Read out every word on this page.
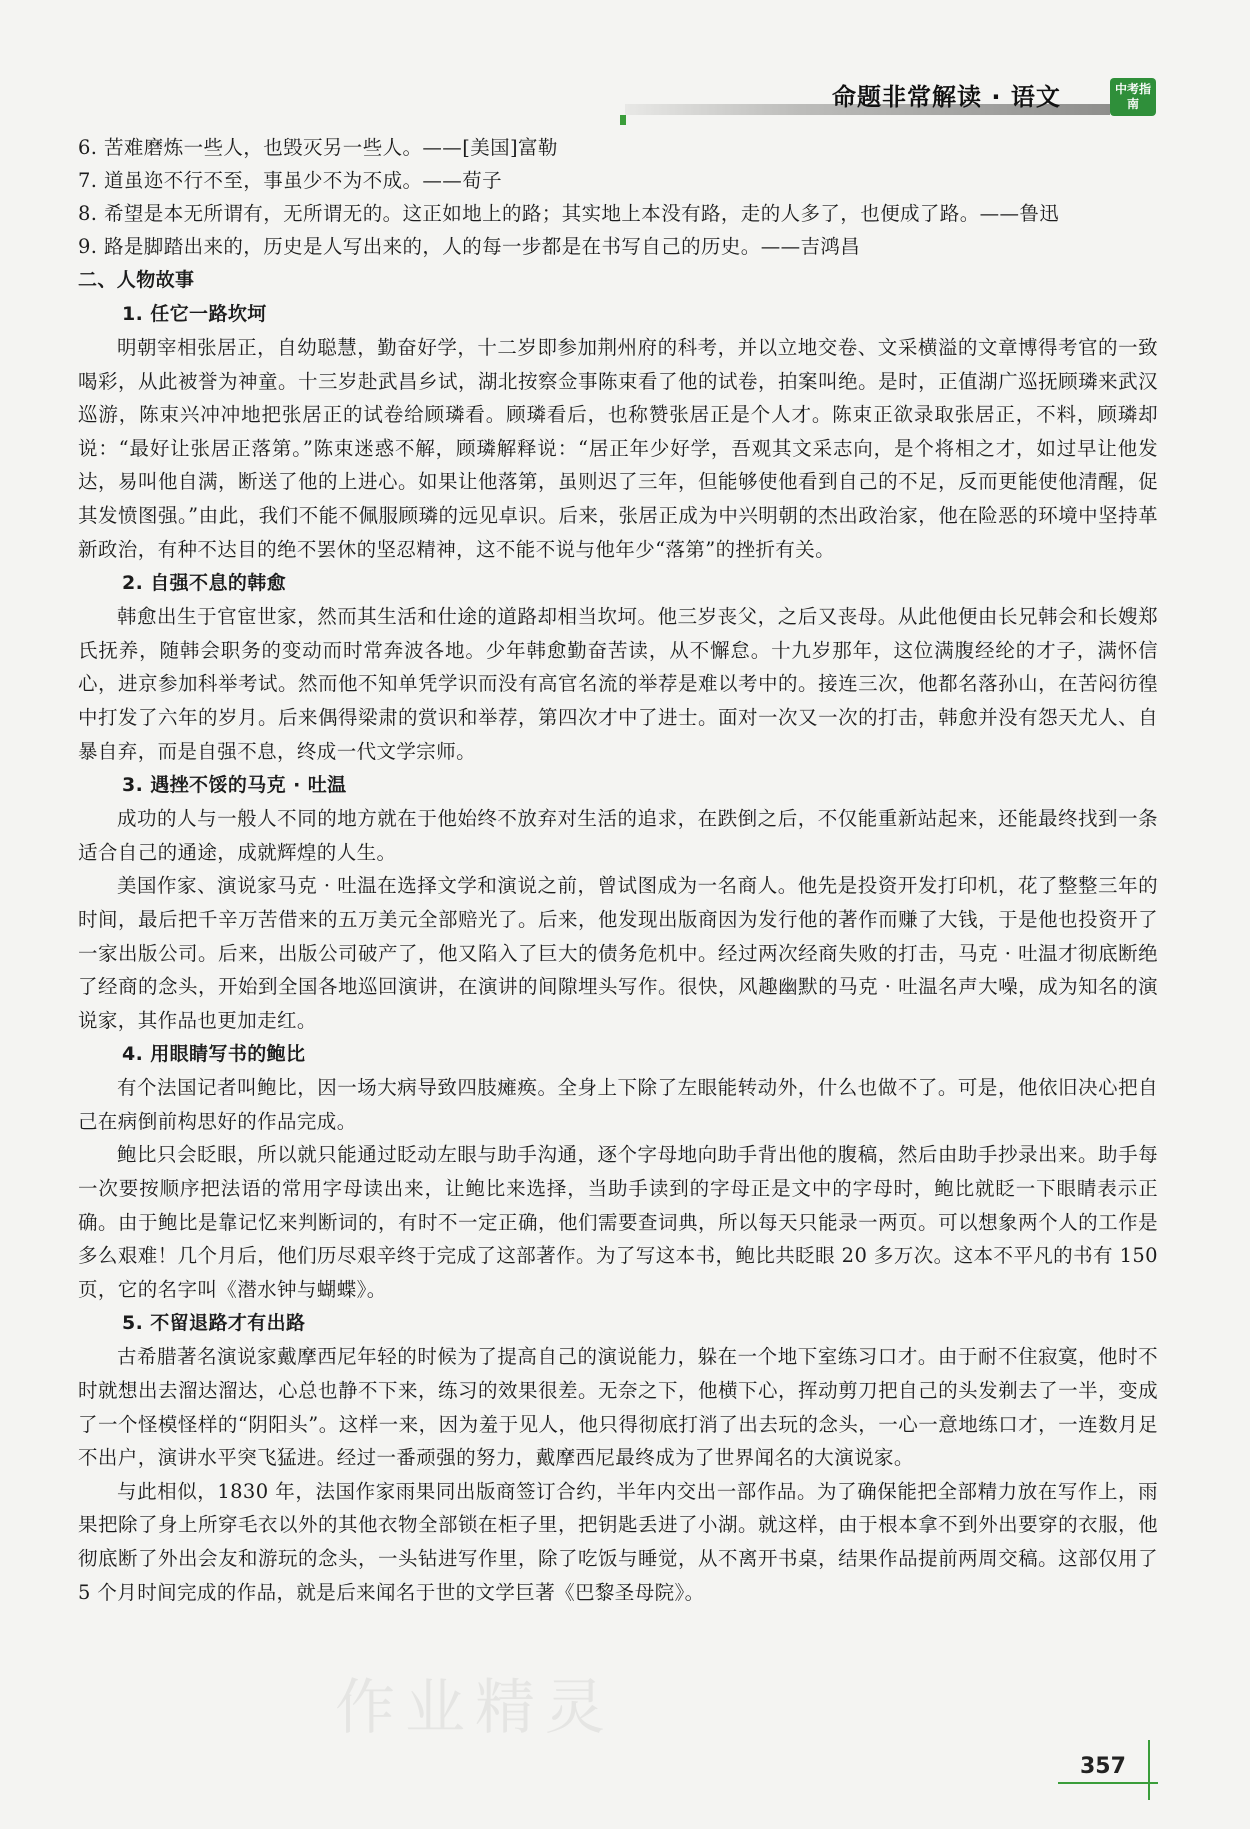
命题非常解读 · 语文	中考指南
6. 苦难磨炼一些人，也毁灭另一些人。——[美国]富勒
7. 道虽迩不行不至，事虽少不为不成。——荀子
8. 希望是本无所谓有，无所谓无的。这正如地上的路；其实地上本没有路，走的人多了，也便成了路。——鲁迅
9. 路是脚踏出来的，历史是人写出来的，人的每一步都是在书写自己的历史。——吉鸿昌
二、人物故事
1. 任它一路坎坷

明朝宰相张居正，自幼聪慧，勤奋好学，十二岁即参加荆州府的科考，并以立地交卷、文采横溢的文章博得考官的一致喝彩，从此被誉为神童。十三岁赴武昌乡试，湖北按察佥事陈束看了他的试卷，拍案叫绝。是时，正值湖广巡抚顾璘来武汉巡游，陈束兴冲冲地把张居正的试卷给顾璘看。顾璘看后，也称赞张居正是个人才。陈束正欲录取张居正，不料，顾璘却说：“最好让张居正落第。”陈束迷惑不解，顾璘解释说：“居正年少好学，吾观其文采志向，是个将相之才，如过早让他发达，易叫他自满，断送了他的上进心。如果让他落第，虽则迟了三年，但能够使他看到自己的不足，反而更能使他清醒，促其发愤图强。”由此，我们不能不佩服顾璘的远见卓识。后来，张居正成为中兴明朝的杰出政治家，他在险恶的环境中坚持革新政治，有种不达目的绝不罢休的坚忍精神，这不能不说与他年少“落第”的挫折有关。

2. 自强不息的韩愈

韩愈出生于官宦世家，然而其生活和仕途的道路却相当坎坷。他三岁丧父，之后又丧母。从此他便由长兄韩会和长嫂郑氏抚养，随韩会职务的变动而时常奔波各地。少年韩愈勤奋苦读，从不懈怠。十九岁那年，这位满腹经纶的才子，满怀信心，进京参加科举考试。然而他不知单凭学识而没有高官名流的举荐是难以考中的。接连三次，他都名落孙山，在苦闷彷徨中打发了六年的岁月。后来偶得梁肃的赏识和举荐，第四次才中了进士。面对一次又一次的打击，韩愈并没有怨天尤人、自暴自弃，而是自强不息，终成一代文学宗师。

3. 遇挫不馁的马克 · 吐温

成功的人与一般人不同的地方就在于他始终不放弃对生活的追求，在跌倒之后，不仅能重新站起来，还能最终找到一条适合自己的通途，成就辉煌的人生。

美国作家、演说家马克 · 吐温在选择文学和演说之前，曾试图成为一名商人。他先是投资开发打印机，花了整整三年的时间，最后把千辛万苦借来的五万美元全部赔光了。后来，他发现出版商因为发行他的著作而赚了大钱，于是他也投资开了一家出版公司。后来，出版公司破产了，他又陷入了巨大的债务危机中。经过两次经商失败的打击，马克 · 吐温才彻底断绝了经商的念头，开始到全国各地巡回演讲，在演讲的间隙埋头写作。很快，风趣幽默的马克 · 吐温名声大噪，成为知名的演说家，其作品也更加走红。

4. 用眼睛写书的鲍比

有个法国记者叫鲍比，因一场大病导致四肢瘫痪。全身上下除了左眼能转动外，什么也做不了。可是，他依旧决心把自己在病倒前构思好的作品完成。

鲍比只会眨眼，所以就只能通过眨动左眼与助手沟通，逐个字母地向助手背出他的腹稿，然后由助手抄录出来。助手每一次要按顺序把法语的常用字母读出来，让鲍比来选择，当助手读到的字母正是文中的字母时，鲍比就眨一下眼睛表示正确。由于鲍比是靠记忆来判断词的，有时不一定正确，他们需要查词典，所以每天只能录一两页。可以想象两个人的工作是多么艰难！几个月后，他们历尽艰辛终于完成了这部著作。为了写这本书，鲍比共眨眼 20 多万次。这本不平凡的书有 150 页，它的名字叫《潜水钟与蝴蝶》。

5. 不留退路才有出路

古希腊著名演说家戴摩西尼年轻的时候为了提高自己的演说能力，躲在一个地下室练习口才。由于耐不住寂寞，他时不时就想出去溜达溜达，心总也静不下来，练习的效果很差。无奈之下，他横下心，挥动剪刀把自己的头发剃去了一半，变成了一个怪模怪样的“阴阳头”。这样一来，因为羞于见人，他只得彻底打消了出去玩的念头，一心一意地练口才，一连数月足不出户，演讲水平突飞猛进。经过一番顽强的努力，戴摩西尼最终成为了世界闻名的大演说家。

与此相似，1830 年，法国作家雨果同出版商签订合约，半年内交出一部作品。为了确保能把全部精力放在写作上，雨果把除了身上所穿毛衣以外的其他衣物全部锁在柜子里，把钥匙丢进了小湖。就这样，由于根本拿不到外出要穿的衣服，他彻底断了外出会友和游玩的念头，一头钻进写作里，除了吃饭与睡觉，从不离开书桌，结果作品提前两周交稿。这部仅用了 5 个月时间完成的作品，就是后来闻名于世的文学巨著《巴黎圣母院》。

作业精灵
357
